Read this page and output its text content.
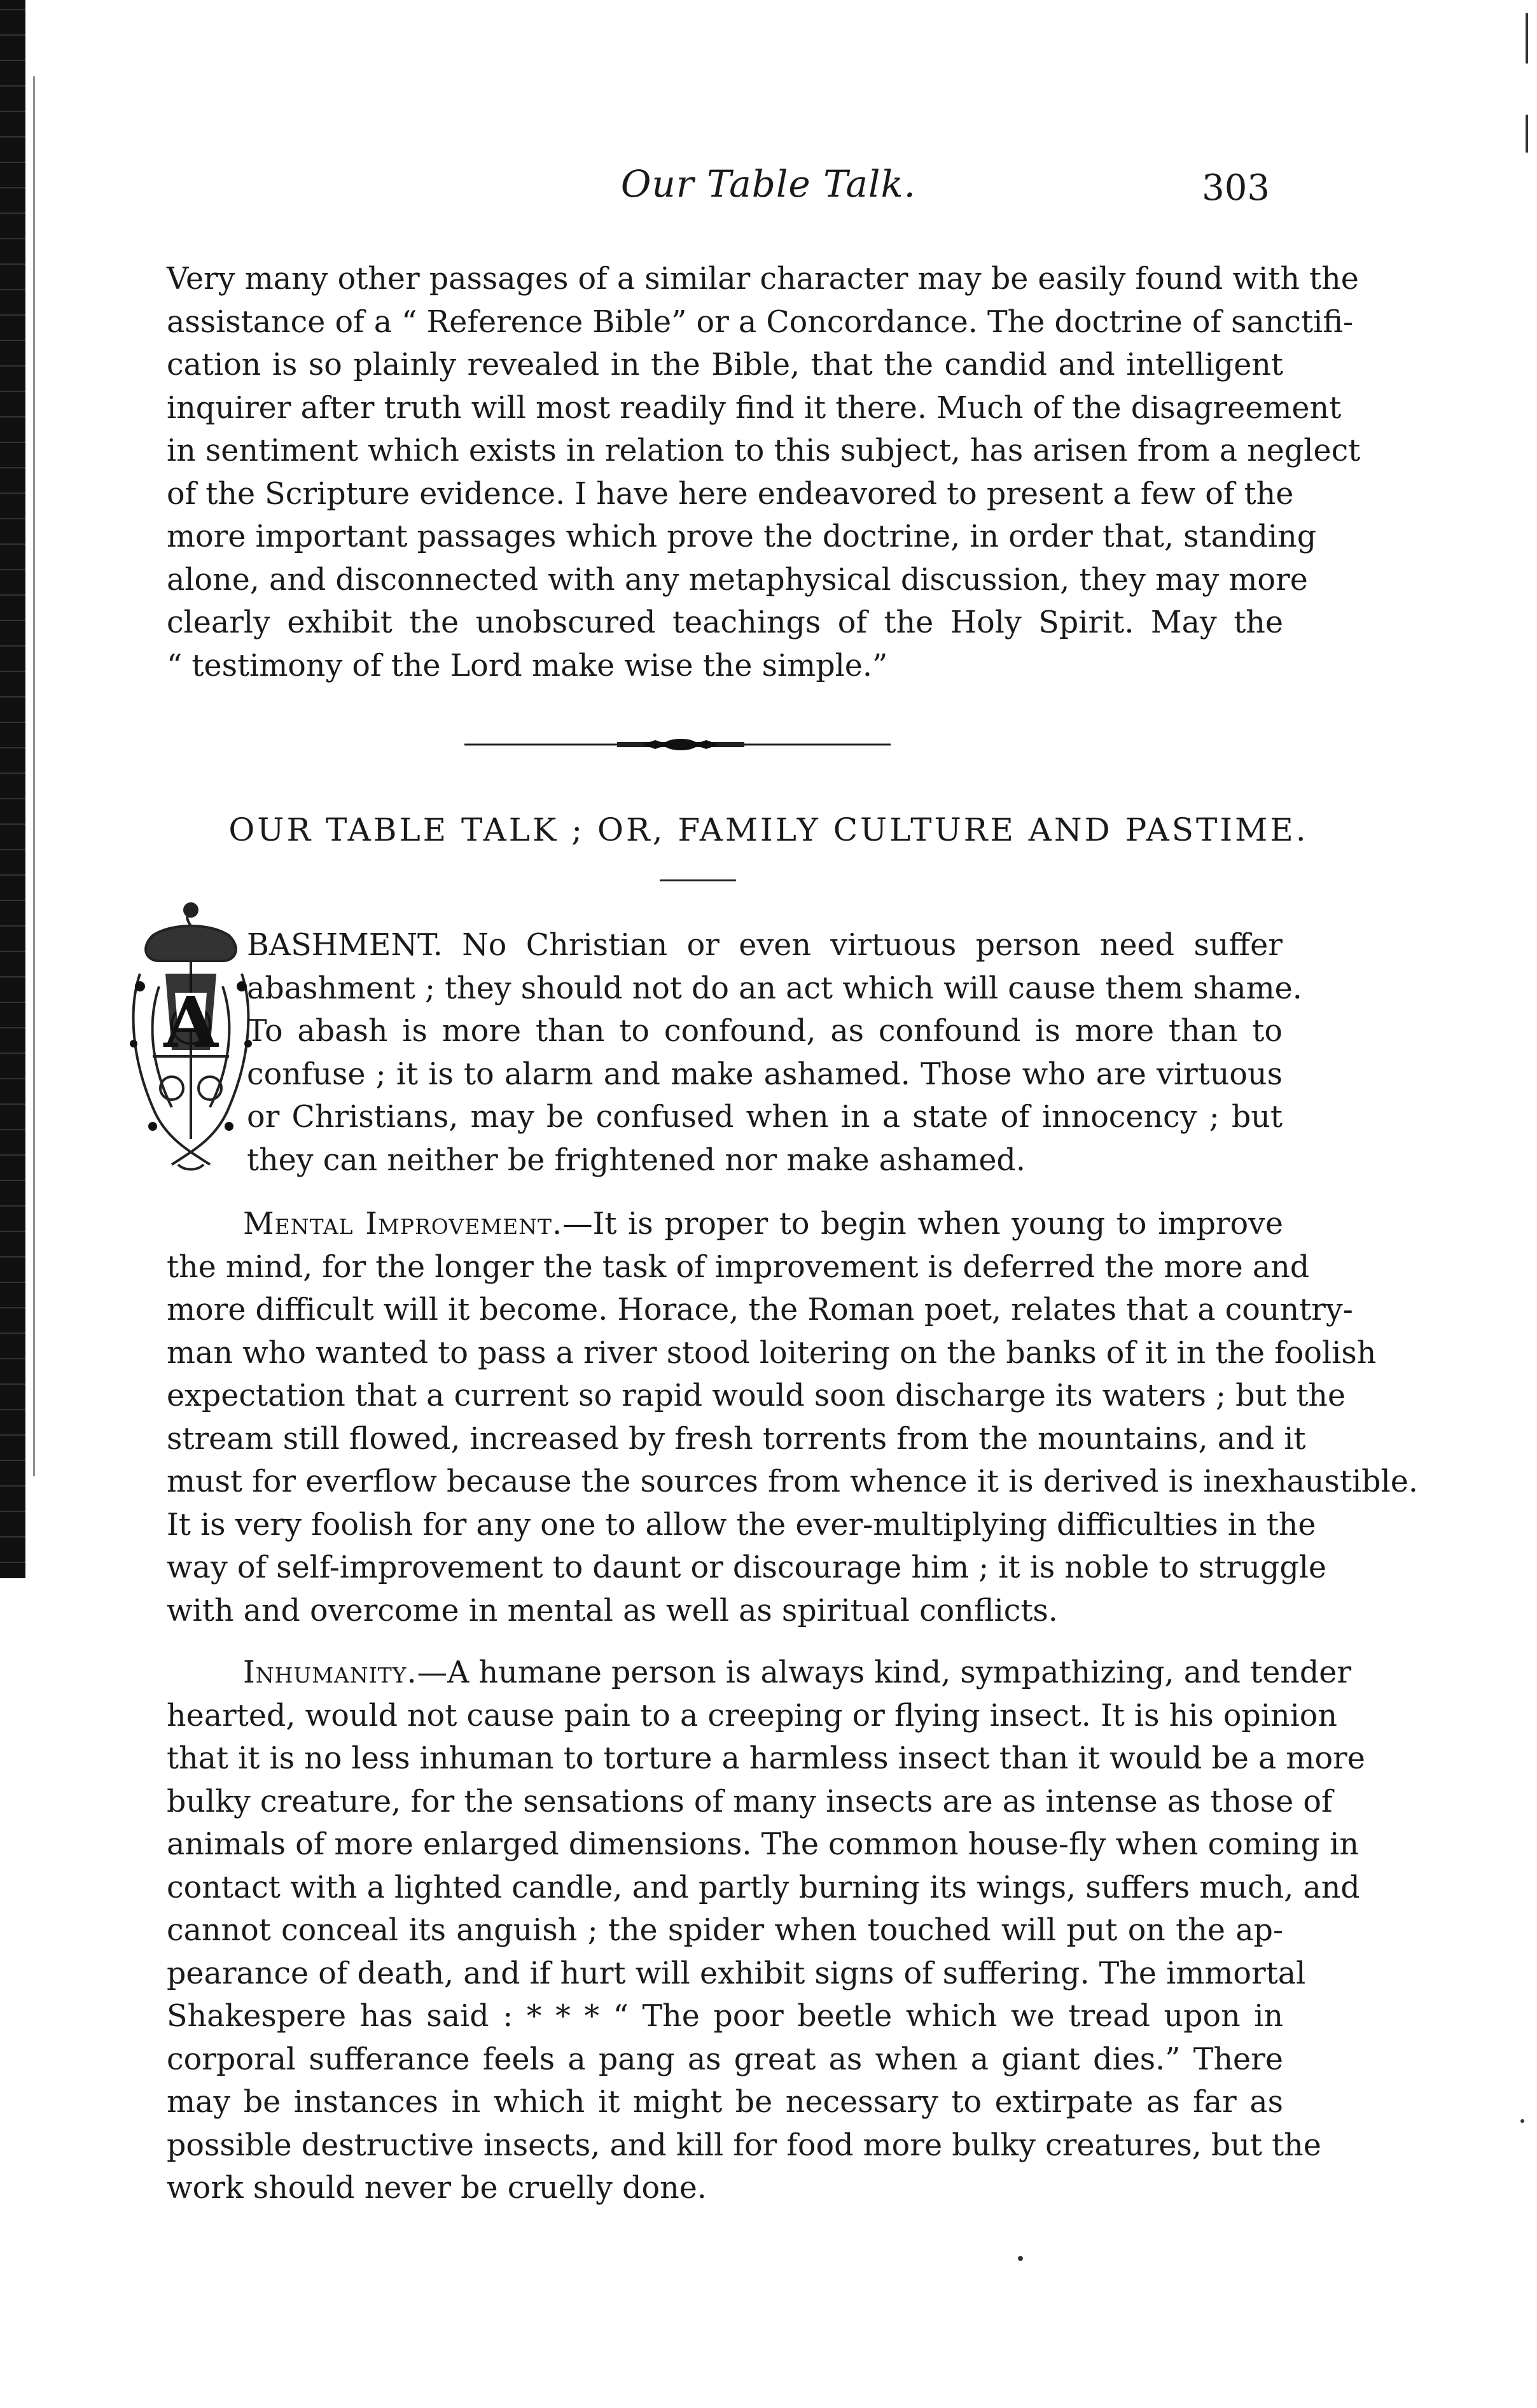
Our Table Talk.	303
Very many other passages of a similar character may be easily found with the
assistance of a “ Reference Bible” or a Concordance. The doctrine of sanctifi-
cation is so plainly revealed in the Bible, that the candid and intelligent
inquirer after truth will most readily find it there. Much of the disagreement
in sentiment which exists in relation to this subject, has arisen from a neglect
of the Scripture evidence. I have here endeavored to present a few of the
more important passages which prove the doctrine, in order that, standing
alone, and disconnected with any metaphysical discussion, they may more
clearly exhibit the unobscured teachings of the Holy Spirit. May the
“ testimony of the Lord make wise the simple.”
OUR TABLE TALK ; OR, FAMILY CULTURE AND PASTIME.
A
BASHMENT. No Christian or even virtuous person need suffer
abashment ; they should not do an act which will cause them shame.
To abash is more than to confound, as confound is more than to
confuse ; it is to alarm and make ashamed. Those who are virtuous
or Christians, may be confused when in a state of innocency ; but
they can neither be frightened nor make ashamed.
Mental Improvement.—It is proper to begin when young to improve
the mind, for the longer the task of improvement is deferred the more and
more difficult will it become. Horace, the Roman poet, relates that a country-
man who wanted to pass a river stood loitering on the banks of it in the foolish
expectation that a current so rapid would soon discharge its waters ; but the
stream still flowed, increased by fresh torrents from the mountains, and it
must for everflow because the sources from whence it is derived is inexhaustible.
It is very foolish for any one to allow the ever-multiplying difficulties in the
way of self-improvement to daunt or discourage him ; it is noble to struggle
with and overcome in mental as well as spiritual conflicts.
Inhumanity.—A humane person is always kind, sympathizing, and tender
hearted, would not cause pain to a creeping or flying insect. It is his opinion
that it is no less inhuman to torture a harmless insect than it would be a more
bulky creature, for the sensations of many insects are as intense as those of
animals of more enlarged dimensions. The common house-fly when coming in
contact with a lighted candle, and partly burning its wings, suffers much, and
cannot conceal its anguish ; the spider when touched will put on the ap-
pearance of death, and if hurt will exhibit signs of suffering. The immortal
Shakespere has said : * * * “ The poor beetle which we tread upon in
corporal sufferance feels a pang as great as when a giant dies.” There
may be instances in which it might be necessary to extirpate as far as
possible destructive insects, and kill for food more bulky creatures, but the
work should never be cruelly done.
